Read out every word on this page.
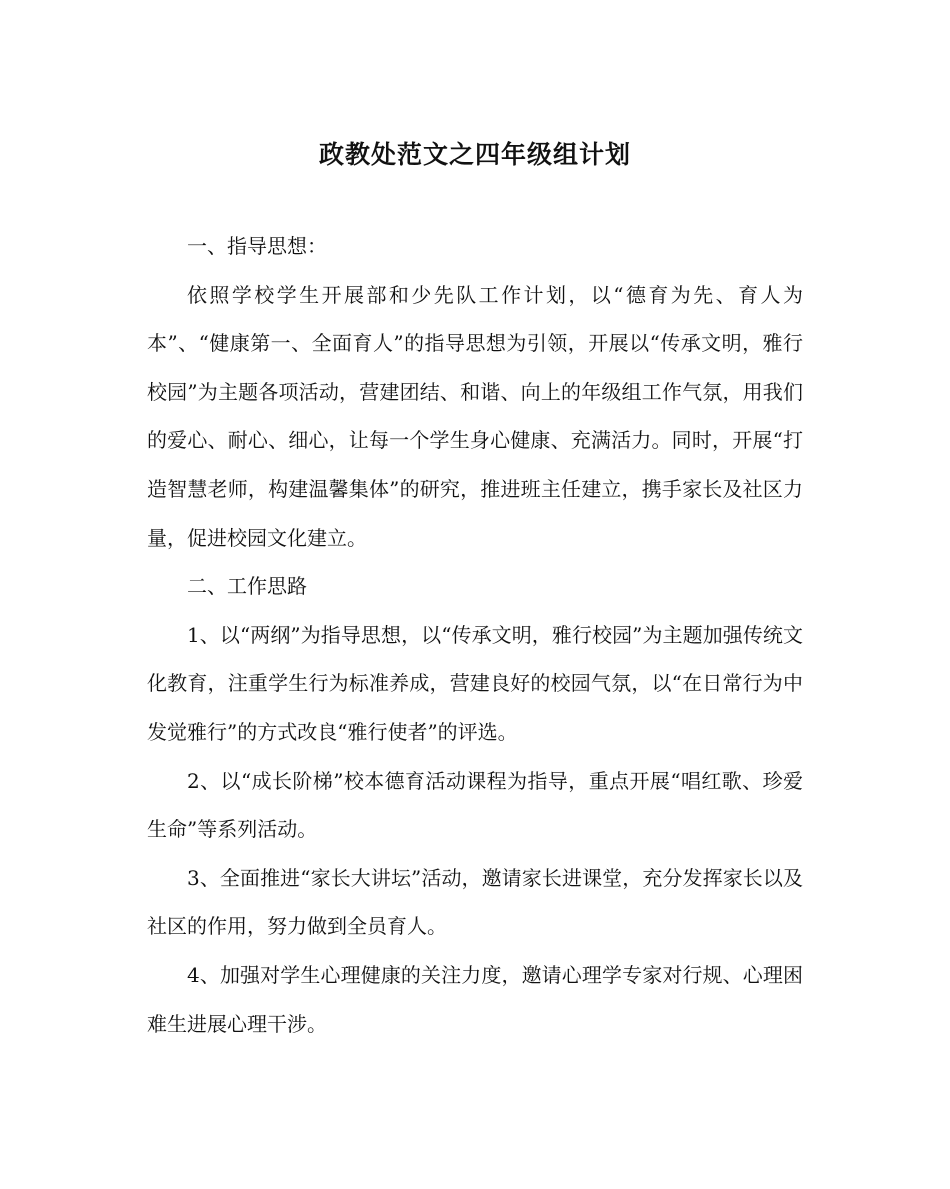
政教处范文之四年级组计划

一、指导思想：

依照学校学生开展部和少先队工作计划，以“德育为先、育人为本”、“健康第一、全面育人”的指导思想为引领，开展以“传承文明，雅行校园”为主题各项活动，营建团结、和谐、向上的年级组工作气氛，用我们的爱心、耐心、细心，让每一个学生身心健康、充满活力。同时，开展“打造智慧老师，构建温馨集体”的研究，推进班主任建立，携手家长及社区力量，促进校园文化建立。

二、工作思路

1、以“两纲”为指导思想，以“传承文明，雅行校园”为主题加强传统文化教育，注重学生行为标准养成，营建良好的校园气氛，以“在日常行为中发觉雅行”的方式改良“雅行使者”的评选。

2、以“成长阶梯”校本德育活动课程为指导，重点开展“唱红歌、珍爱生命”等系列活动。

3、全面推进“家长大讲坛”活动，邀请家长进课堂，充分发挥家长以及社区的作用，努力做到全员育人。

4、加强对学生心理健康的关注力度，邀请心理学专家对行规、心理困难生进展心理干涉。
